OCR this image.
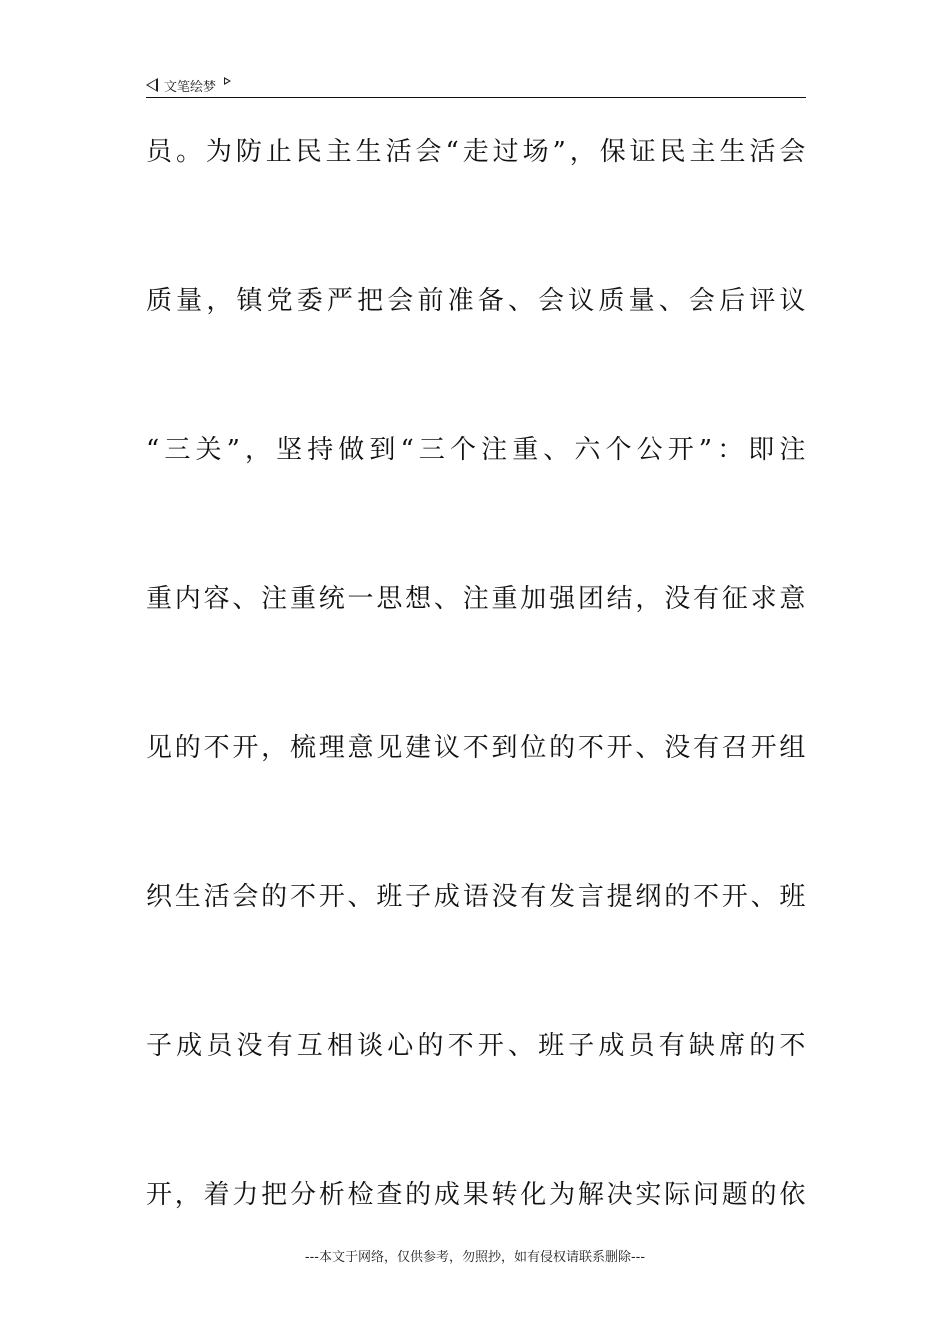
文笔绘梦
员。为防止民主生活会“走过场”，保证民主生活会
质量，镇党委严把会前准备、会议质量、会后评议
“三关”，坚持做到“三个注重、六个公开”：即注
重内容、注重统一思想、注重加强团结，没有征求意
见的不开，梳理意见建议不到位的不开、没有召开组
织生活会的不开、班子成语没有发言提纲的不开、班
子成员没有互相谈心的不开、班子成员有缺席的不
开，着力把分析检查的成果转化为解决实际问题的依
---本文于网络，仅供参考，勿照抄，如有侵权请联系删除---
